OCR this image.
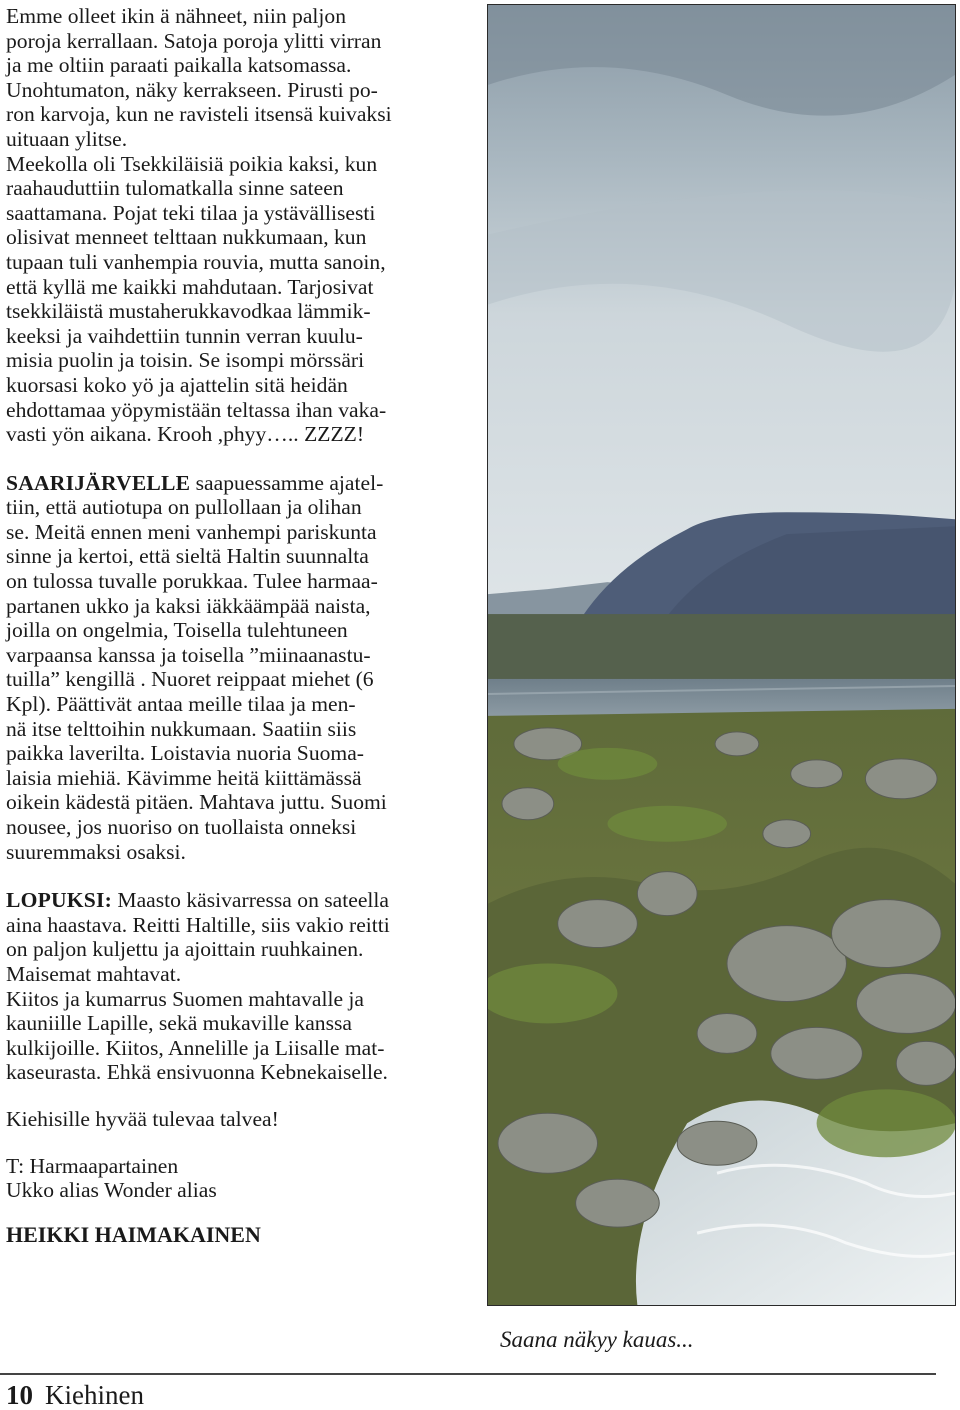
Emme olleet ikin ä nähneet, niin paljon
poroja kerrallaan. Satoja poroja ylitti virran
ja me oltiin paraati paikalla katsomassa.
Unohtumaton, näky kerrakseen. Pirusti po-
ron karvoja, kun ne ravisteli itsensä kuivaksi
uituaan ylitse.
Meekolla oli Tsekkiläisiä poikia kaksi, kun
raahauduttiin tulomatkalla sinne sateen
saattamana. Pojat teki tilaa ja ystävällisesti
olisivat menneet telttaan nukkumaan, kun
tupaan tuli vanhempia rouvia, mutta sanoin,
että kyllä me kaikki mahdutaan. Tarjosivat
tsekkiläistä mustaherukkavodkaa lämmik-
keeksi ja vaihdettiin tunnin verran kuulu-
misia puolin ja toisin. Se isompi mörssäri
kuorsasi koko yö ja ajattelin sitä heidän
ehdottamaa yöpymistään teltassa ihan vaka-
vasti yön aikana. Krooh ,phyy….. ZZZZ!

SAARIJÄRVELLE saapuessamme ajatel-
tiin, että autiotupa on pullollaan ja olihan
se. Meitä ennen meni vanhempi pariskunta
sinne ja kertoi, että sieltä Haltin suunnalta
on tulossa tuvalle porukkaa. Tulee harmaa-
partanen ukko ja kaksi iäkkäämpää naista,
joilla on ongelmia, Toisella tulehtuneen
varpaansa kanssa ja toisella ”miinaanastu-
tuilla” kengillä . Nuoret reippaat miehet (6
Kpl). Päättivät antaa meille tilaa ja men-
nä itse telttoihin nukkumaan. Saatiin siis
paikka laverilta. Loistavia nuoria Suoma-
laisia miehiä. Kävimme heitä kiittämässä
oikein kädestä pitäen. Mahtava juttu. Suomi
nousee, jos nuoriso on tuollaista onneksi
suuremmaksi osaksi.

LOPUKSI: Maasto käsivarressa on sateella
aina haastava. Reitti Haltille, siis vakio reitti
on paljon kuljettu ja ajoittain ruuhkainen.
Maisemat mahtavat.
Kiitos ja kumarrus Suomen mahtavalle ja
kauniille Lapille, sekä mukaville kanssa
kulkijoille. Kiitos, Annelille ja Liisalle mat-
kaseurasta. Ehkä ensivuonna Kebnekaiselle.

Kiehisille hyvää tulevaa talvea!

T: Harmaapartainen

Ukko alias Wonder alias

HEIKKI HAIMAKAINEN

Saana näkyy kauas...
10 Kiehinen
